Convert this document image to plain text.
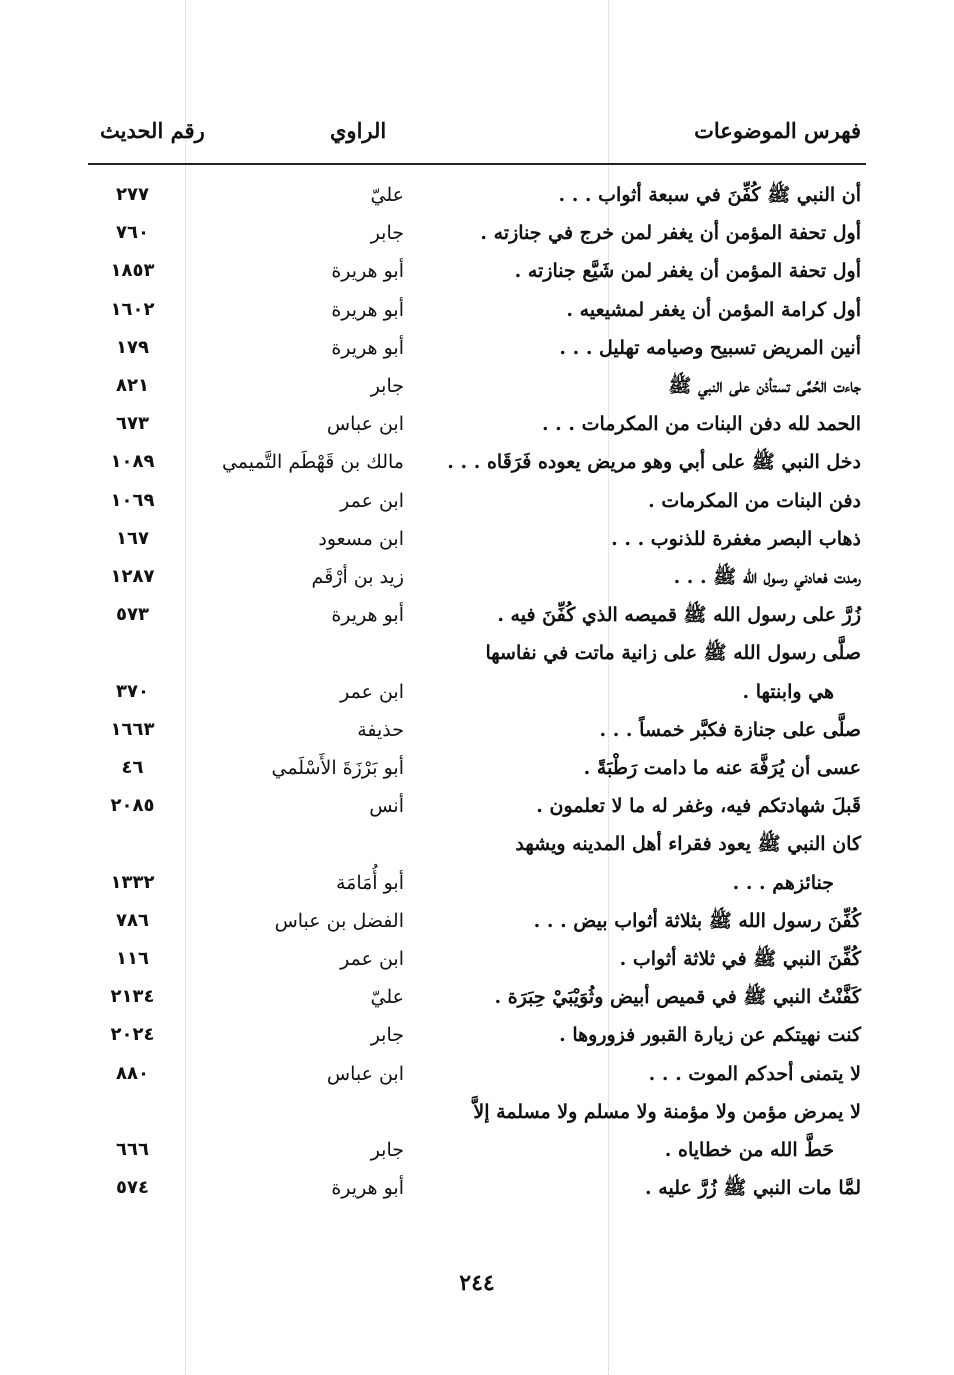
فهرس الموضوعات
الراوي
رقم الحديث
أن النبي ﷺ كُفِّنَ في سبعة أثواب . . .
عليّ
٢٧٧
أول تحفة المؤمن أن يغفر لمن خرج في جنازته .
جابر
٧٦٠
أول تحفة المؤمن أن يغفر لمن شَيَّع جنازته .
أبو هريرة
١٨٥٣
أول كرامة المؤمن أن يغفر لمشيعيه .
أبو هريرة
١٦٠٢
أنين المريض تسبيح وصيامه تهليل . . .
أبو هريرة
١٧٩
جاءت الحُمَّى تستأذن على النبي ﷺ
جابر
٨٢١
الحمد لله دفن البنات من المكرمات . . .
ابن عباس
٦٧٣
دخل النبي ﷺ على أبي وهو مريض يعوده فَرَقَاه . . .
مالك بن قَهْطَم التَّميمي
١٠٨٩
دفن البنات من المكرمات .
ابن عمر
١٠٦٩
ذهاب البصر مغفرة للذنوب . . .
ابن مسعود
١٦٧
رمدت فعادني رسول الله ﷺ . . .
زيد بن أرْقَم
١٢٨٧
زُرَّ على رسول الله ﷺ قميصه الذي كُفِّنَ فيه .
أبو هريرة
٥٧٣
صلَّى رسول الله ﷺ على زانية ماتت في نفاسها
هي وابنتها .
ابن عمر
٣٧٠
صلَّى على جنازة فكبَّر خمساً . . .
حذيفة
١٦٦٣
عسى أن يُرَفَّهَ عنه ما دامت رَطْبَةً .
أبو بَرْزَةَ الأَسْلَمي
٤٦
قَبلَ شهادتكم فيه، وغفر له ما لا تعلمون .
أنس
٢٠٨٥
كان النبي ﷺ يعود فقراء أهل المدينه ويشهد
جنائزهم . . .
أبو أُمَامَة
١٣٣٢
كُفِّنَ رسول الله ﷺ بثلاثة أثواب بيض . . .
الفضل بن عباس
٧٨٦
كُفِّنَ النبي ﷺ في ثلاثة أثواب .
ابن عمر
١١٦
كَفَّنْتُ النبي ﷺ في قميص أبيض وثُوَيْبَيْ حِبَرَة .
عليّ
٢١٣٤
كنت نهيتكم عن زيارة القبور فزوروها .
جابر
٢٠٢٤
لا يتمنى أحدكم الموت . . .
ابن عباس
٨٨٠
لا يمرض مؤمن ولا مؤمنة ولا مسلم ولا مسلمة إلاَّ
حَطَّ الله من خطاياه .
جابر
٦٦٦
لمَّا مات النبي ﷺ زُرَّ عليه .
أبو هريرة
٥٧٤
٢٤٤
